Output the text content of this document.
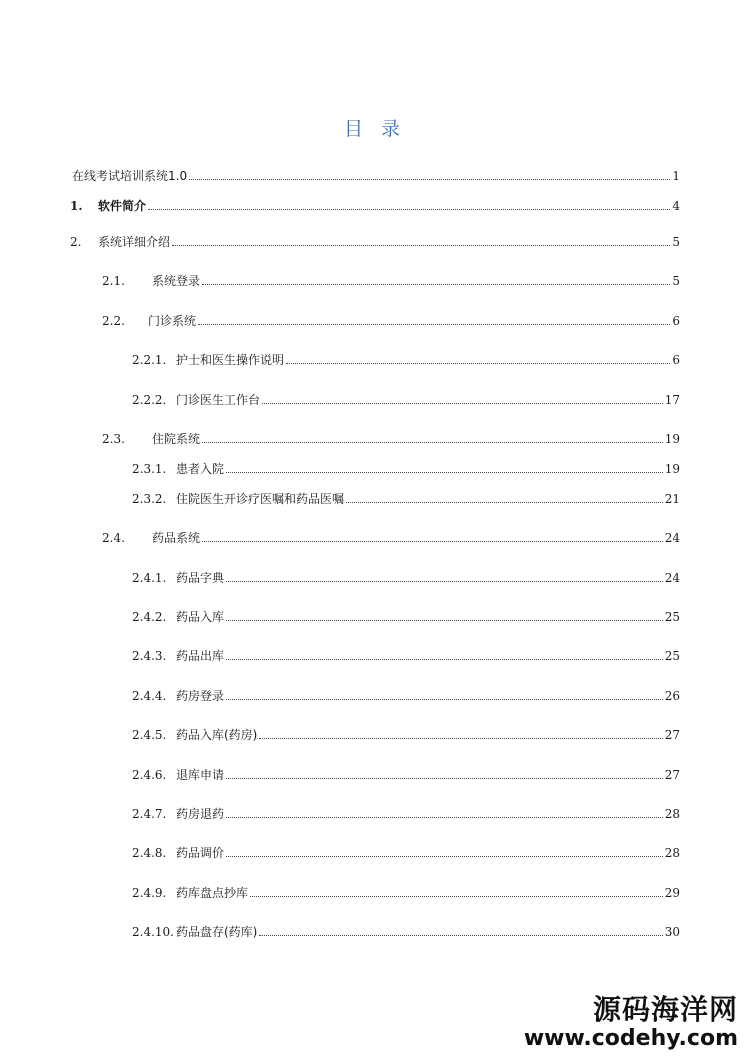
目 录
在线考试培训系统1.0	1
1. 软件简介	4
2. 系统详细介绍	5
2.1. 系统登录	5
2.2. 门诊系统	6
2.2.1. 护士和医生操作说明	6
2.2.2. 门诊医生工作台	17
2.3. 住院系统	19
2.3.1. 患者入院	19
2.3.2. 住院医生开诊疗医嘱和药品医嘱	21
2.4. 药品系统	24
2.4.1. 药品字典	24
2.4.2. 药品入库	25
2.4.3. 药品出库	25
2.4.4. 药房登录	26
2.4.5. 药品入库(药房)	27
2.4.6. 退库申请	27
2.4.7. 药房退药	28
2.4.8. 药品调价	28
2.4.9. 药库盘点抄库	29
2.4.10. 药品盘存(药库)	30
源码海洋网
www.codehy.com
